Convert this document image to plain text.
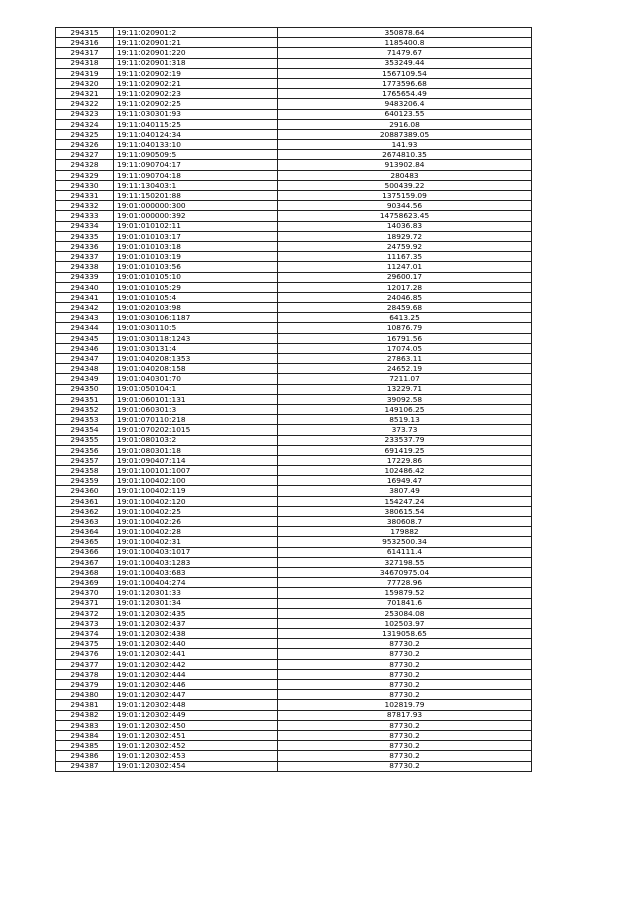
294315	19:11:020901:2	350878.64
294316	19:11:020901:21	1185400.8
294317	19:11:020901:220	71479.67
294318	19:11:020901:318	353249.44
294319	19:11:020902:19	1567109.54
294320	19:11:020902:21	1773596.68
294321	19:11:020902:23	1765654.49
294322	19:11:020902:25	9483206.4
294323	19:11:030301:93	640123.55
294324	19:11:040115:25	2916.08
294325	19:11:040124:34	20887389.05
294326	19:11:040133:10	141.93
294327	19:11:090509:5	2674810.35
294328	19:11:090704:17	913902.84
294329	19:11:090704:18	280483
294330	19:11:130403:1	500439.22
294331	19:11:150201:88	1375159.09
294332	19:01:000000:300	90344.56
294333	19:01:000000:392	14758623.45
294334	19:01:010102:11	14036.83
294335	19:01:010103:17	18929.72
294336	19:01:010103:18	24759.92
294337	19:01:010103:19	11167.35
294338	19:01:010103:56	11247.01
294339	19:01:010105:10	29600.17
294340	19:01:010105:29	12017.28
294341	19:01:010105:4	24046.85
294342	19:01:020103:98	28459.68
294343	19:01:030106:1187	6413.25
294344	19:01:030110:5	10876.79
294345	19:01:030118:1243	16791.56
294346	19:01:030131:4	17074.05
294347	19:01:040208:1353	27863.11
294348	19:01:040208:158	24652.19
294349	19:01:040301:70	7211.07
294350	19:01:050104:1	13229.71
294351	19:01:060101:131	39092.58
294352	19:01:060301:3	149106.25
294353	19:01:070110:218	8519.13
294354	19:01:070202:1015	373.73
294355	19:01:080103:2	233537.79
294356	19:01:080301:18	691419.25
294357	19:01:090407:114	17229.86
294358	19:01:100101:1007	102486.42
294359	19:01:100402:100	16949.47
294360	19:01:100402:119	3807.49
294361	19:01:100402:120	154247.24
294362	19:01:100402:25	380615.54
294363	19:01:100402:26	380608.7
294364	19:01:100402:28	179882
294365	19:01:100402:31	9532500.34
294366	19:01:100403:1017	614111.4
294367	19:01:100403:1283	327198.55
294368	19:01:100403:683	34670975.04
294369	19:01:100404:274	77728.96
294370	19:01:120301:33	159879.52
294371	19:01:120301:34	701841.6
294372	19:01:120302:435	253084.08
294373	19:01:120302:437	102503.97
294374	19:01:120302:438	1319058.65
294375	19:01:120302:440	87730.2
294376	19:01:120302:441	87730.2
294377	19:01:120302:442	87730.2
294378	19:01:120302:444	87730.2
294379	19:01:120302:446	87730.2
294380	19:01:120302:447	87730.2
294381	19:01:120302:448	102819.79
294382	19:01:120302:449	87817.93
294383	19:01:120302:450	87730.2
294384	19:01:120302:451	87730.2
294385	19:01:120302:452	87730.2
294386	19:01:120302:453	87730.2
294387	19:01:120302:454	87730.2
